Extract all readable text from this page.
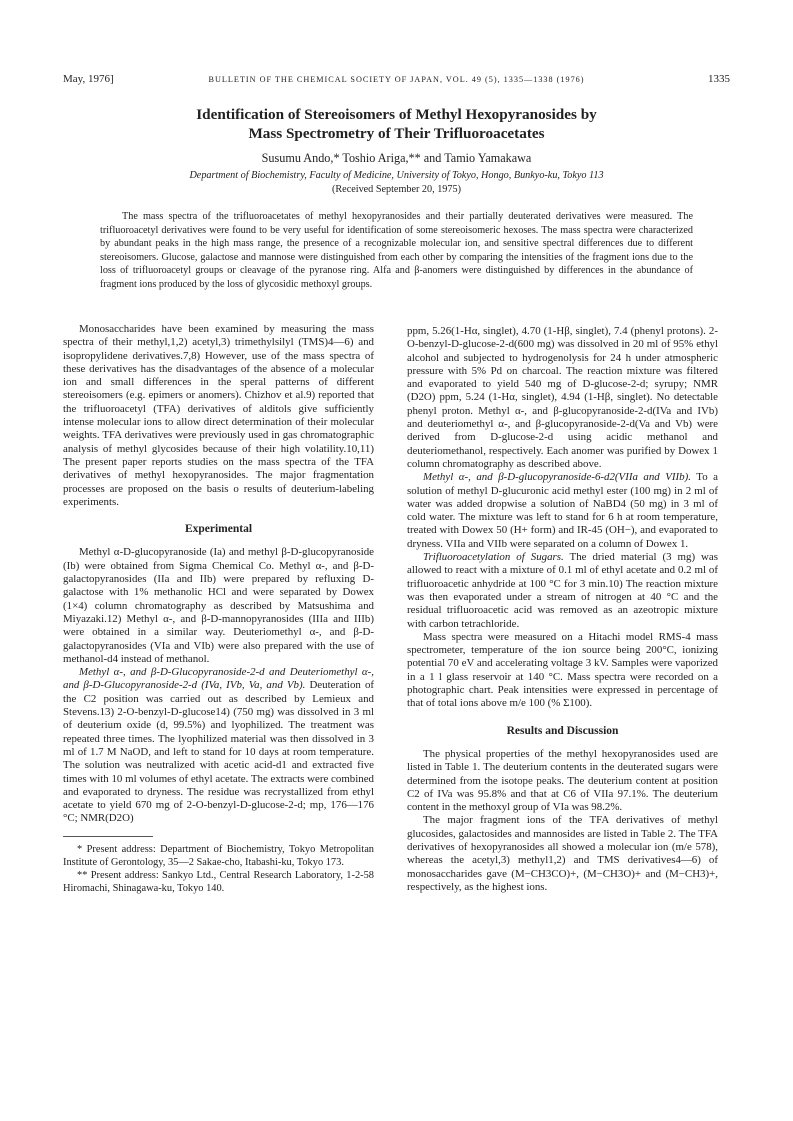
May, 1976]	BULLETIN OF THE CHEMICAL SOCIETY OF JAPAN, VOL. 49 (5), 1335—1338 (1976)	1335
Identification of Stereoisomers of Methyl Hexopyranosides by
Mass Spectrometry of Their Trifluoroacetates
Susumu Ando,* Toshio Ariga,** and Tamio Yamakawa
Department of Biochemistry, Faculty of Medicine, University of Tokyo, Hongo, Bunkyo-ku, Tokyo 113
(Received September 20, 1975)

The mass spectra of the trifluoroacetates of methyl hexopyranosides and their partially deuterated derivatives were measured. The trifluoroacetyl derivatives were found to be very useful for identification of some stereoisomeric hexoses. The mass spectra were characterized by abundant peaks in the high mass range, the presence of a recognizable molecular ion, and sensitive spectral differences due to different stereoisomers. Glucose, galactose and mannose were distinguished from each other by comparing the intensities of the fragment ions due to the loss of trifluoroacetyl groups or cleavage of the pyranose ring. Alfa and β-anomers were distinguished by differences in the abundance of fragment ions produced by the loss of glycosidic methoxyl groups.

Monosaccharides have been examined by measuring the mass spectra of their methyl,1,2) acetyl,3) trimethylsilyl (TMS)4—6) and isopropylidene derivatives.7,8) However, use of the mass spectra of these derivatives has the disadvantages of the absence of a molecular ion and small differences in the speral patterns of different stereoisomers (e.g. epimers or anomers). Chizhov et al.9) reported that the trifluoroacetyl (TFA) derivatives of alditols give sufficiently intense molecular ions to allow direct determination of their molecular weights. TFA derivatives were previously used in gas chromatographic analysis of methyl glycosides because of their high volatility.10,11) The present paper reports studies on the mass spectra of the TFA derivatives of methyl hexopyranosides. The major fragmentation processes are proposed on the basis o results of deuterium-labeling experiments.

Experimental

Methyl α-D-glucopyranoside (Ia) and methyl β-D-glucopyranoside (Ib) were obtained from Sigma Chemical Co. Methyl α-, and β-D-galactopyranosides (IIa and IIb) were prepared by refluxing D-galactose with 1% methanolic HCl and were separated by Dowex (1×4) column chromatography as described by Matsushima and Miyazaki.12) Methyl α-, and β-D-mannopyranosides (IIIa and IIIb) were obtained in a similar way. Deuteriomethyl α-, and β-D-galactopyranosides (VIa and VIb) were also prepared with the use of methanol-d4 instead of methanol.

Methyl α-, and β-D-Glucopyranoside-2-d and Deuteriomethyl α-, and β-D-Glucopyranoside-2-d (IVa, IVb, Va, and Vb). Deuteration of the C2 position was carried out as described by Lemieux and Stevens.13) 2-O-benzyl-D-glucose14) (750 mg) was dissolved in 3 ml of deuterium oxide (d, 99.5%) and lyophilized. The treatment was repeated three times. The lyophilized material was then dissolved in 3 ml of 1.7 M NaOD, and left to stand for 10 days at room temperature. The solution was neutralized with acetic acid-d1 and extracted five times with 10 ml volumes of ethyl acetate. The extracts were combined and evaporated to dryness. The residue was recrystallized from ethyl acetate to yield 670 mg of 2-O-benzyl-D-glucose-2-d; mp, 176—176 °C; NMR(D2O)

* Present address: Department of Biochemistry, Tokyo Metropolitan Institute of Gerontology, 35—2 Sakae-cho, Itabashi-ku, Tokyo 173.

** Present address: Sankyo Ltd., Central Research Laboratory, 1-2-58 Hiromachi, Shinagawa-ku, Tokyo 140.

ppm, 5.26(1-Hα, singlet), 4.70 (1-Hβ, singlet), 7.4 (phenyl protons). 2-O-benzyl-D-glucose-2-d(600 mg) was dissolved in 20 ml of 95% ethyl alcohol and subjected to hydrogenolysis for 24 h under atmospheric pressure with 5% Pd on charcoal. The reaction mixture was filtered and evaporated to yield 540 mg of D-glucose-2-d; syrupy; NMR (D2O) ppm, 5.24 (1-Hα, singlet), 4.94 (1-Hβ, singlet). No detectable phenyl proton. Methyl α-, and β-glucopyranoside-2-d(IVa and IVb) and deuteriomethyl α-, and β-glucopyranoside-2-d(Va and Vb) were derived from D-glucose-2-d using acidic methanol and deuteriomethanol, respectively. Each anomer was purified by Dowex 1 column chromatography as described above.

Methyl α-, and β-D-glucopyranoside-6-d2(VIIa and VIIb). To a solution of methyl D-glucuronic acid methyl ester (100 mg) in 2 ml of water was added dropwise a solution of NaBD4 (50 mg) in 3 ml of cold water. The mixture was left to stand for 6 h at room temperature, treated with Dowex 50 (H+ form) and IR-45 (OH−), and evaporated to dryness. VIIa and VIIb were separated on a column of Dowex 1.

Trifluoroacetylation of Sugars. The dried material (3 mg) was allowed to react with a mixture of 0.1 ml of ethyl acetate and 0.2 ml of trifluoroacetic anhydride at 100 °C for 3 min.10) The reaction mixture was then evaporated under a stream of nitrogen at 40 °C and the residual trifluoroacetic acid was removed as an azeotropic mixture with carbon tetrachloride.

Mass spectra were measured on a Hitachi model RMS-4 mass spectrometer, temperature of the ion source being 200°C, ionizing potential 70 eV and accelerating voltage 3 kV. Samples were vaporized in a 1 l glass reservoir at 140 °C. Mass spectra were recorded on a photographic chart. Peak intensities were expressed in percentage of that of total ions above m/e 100 (% Σ100).

Results and Discussion

The physical properties of the methyl hexopyranosides used are listed in Table 1. The deuterium contents in the deuterated sugars were determined from the isotope peaks. The deuterium content at position C2 of IVa was 95.8% and that at C6 of VIIa 97.1%. The deuterium content in the methoxyl group of VIa was 98.2%.

The major fragment ions of the TFA derivatives of methyl glucosides, galactosides and mannosides are listed in Table 2. The TFA derivatives of hexopyranosides all showed a molecular ion (m/e 578), whereas the acetyl,3) methyl1,2) and TMS derivatives4—6) of monosaccharides gave (M−CH3CO)+, (M−CH3O)+ and (M−CH3)+, respectively, as the highest ions.
